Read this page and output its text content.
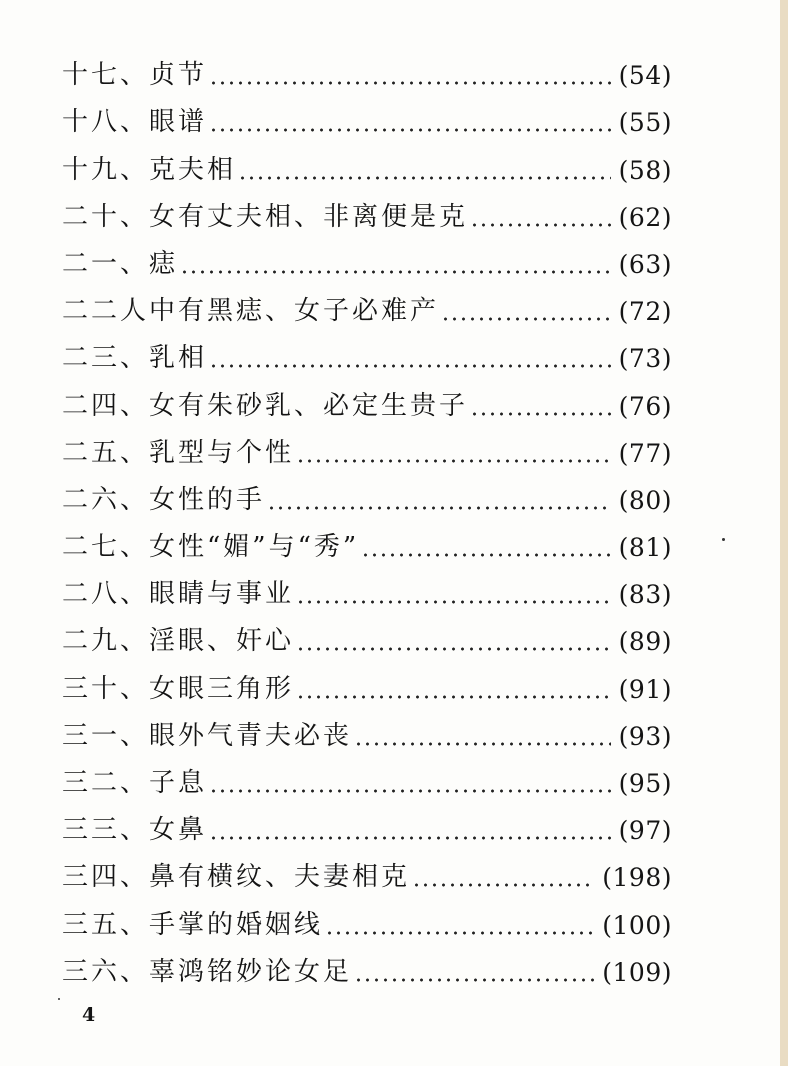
十七、贞节	(54)
十八、眼谱	(55)
十九、克夫相	(58)
二十、女有丈夫相、非离便是克	(62)
二一、痣	(63)
二二人中有黑痣、女子必难产	(72)
二三、乳相	(73)
二四、女有朱砂乳、必定生贵子	(76)
二五、乳型与个性	(77)
二六、女性的手	(80)
二七、女性“媚”与“秀”	(81)
二八、眼睛与事业	(83)
二九、淫眼、奸心	(89)
三十、女眼三角形	(91)
三一、眼外气青夫必丧	(93)
三二、子息	(95)
三三、女鼻	(97)
三四、鼻有横纹、夫妻相克	(198)
三五、手掌的婚姻线	(100)
三六、辜鸿铭妙论女足	(109)
4
